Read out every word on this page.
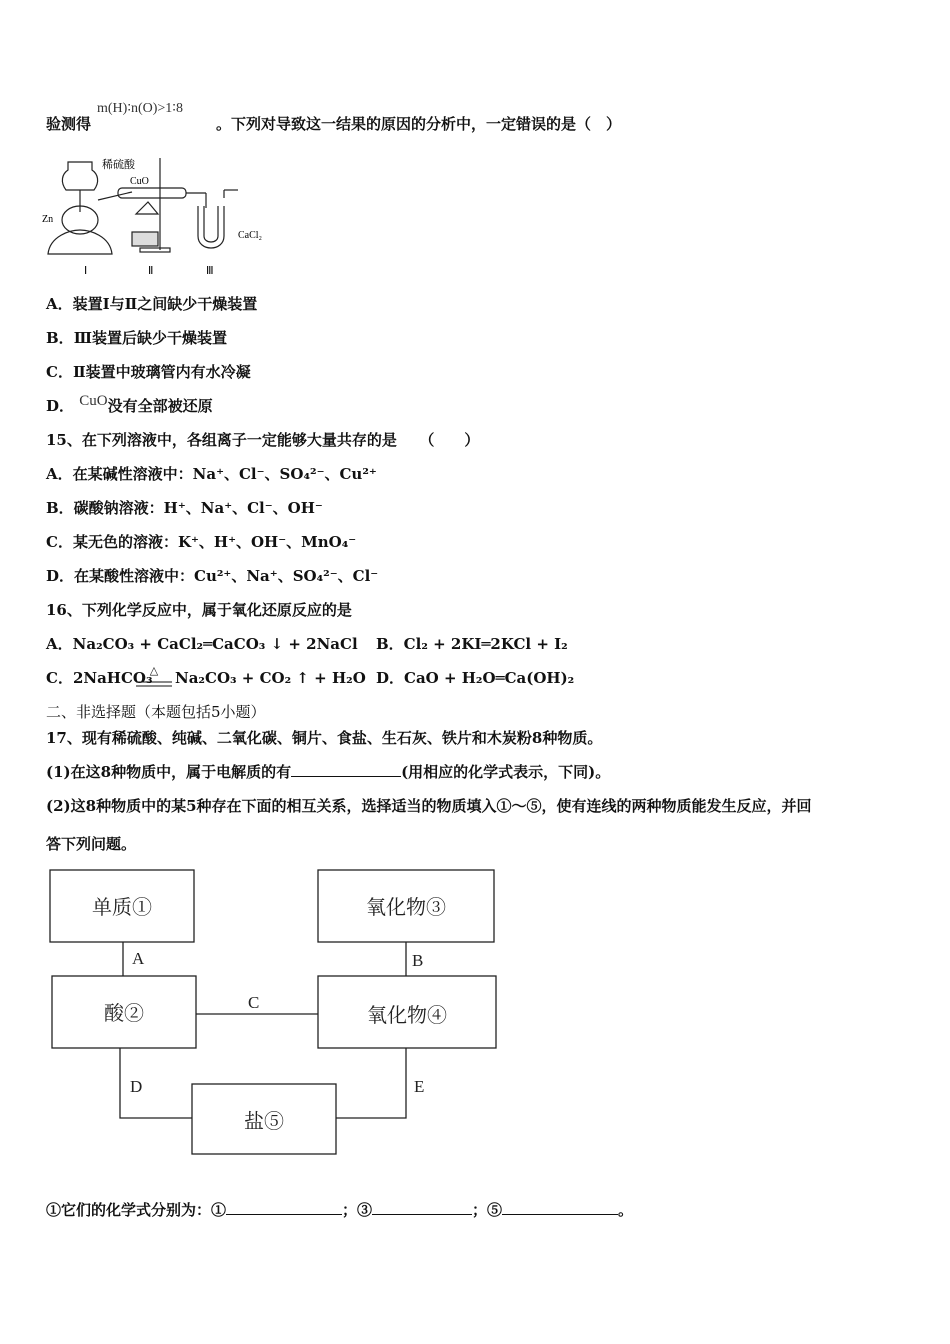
验测得
m(H)∶n(O)>1∶8
。下列对导致这一结果的原因的分析中，一定错误的是（　）
稀硫酸
CuO
Zn
CaCl₂
Ⅰ	Ⅱ	Ⅲ
A．装置Ⅰ与Ⅱ之间缺少干燥装置
B．Ⅲ装置后缺少干燥装置
C．Ⅱ装置中玻璃管内有水冷凝
D． CuO没有全部被还原
15、在下列溶液中，各组离子一定能够大量共存的是　　（　　）
A．在某碱性溶液中：Na⁺、Cl⁻、SO₄²⁻、Cu²⁺
B．碳酸钠溶液：H⁺、Na⁺、Cl⁻、OH⁻
C．某无色的溶液：K⁺、H⁺、OH⁻、MnO₄⁻
D．在某酸性溶液中：Cu²⁺、Na⁺、SO₄²⁻、Cl⁻
16、下列化学反应中，属于氧化还原反应的是
A．Na₂CO₃ + CaCl₂═CaCO₃ ↓ + 2NaCl B．Cl₂ + 2KI═2KCl + I₂
C．2NaHCO₃
△	Na₂CO₃ + CO₂ ↑ + H₂O D．CaO + H₂O═Ca(OH)₂
二、非选择题（本题包括5小题）
17、现有稀硫酸、纯碱、二氧化碳、铜片、食盐、生石灰、铁片和木炭粉8种物质。
(1)在这8种物质中，属于电解质的有	(用相应的化学式表示，下同)。
(2)这8种物质中的某5种存在下面的相互关系，选择适当的物质填入①～⑤，使有连线的两种物质能发生反应，并回
答下列问题。
单质①	氧化物③
酸②	氧化物④
盐⑤
A	B
C
D	E
①它们的化学式分别为：①	；③	；⑤	。
